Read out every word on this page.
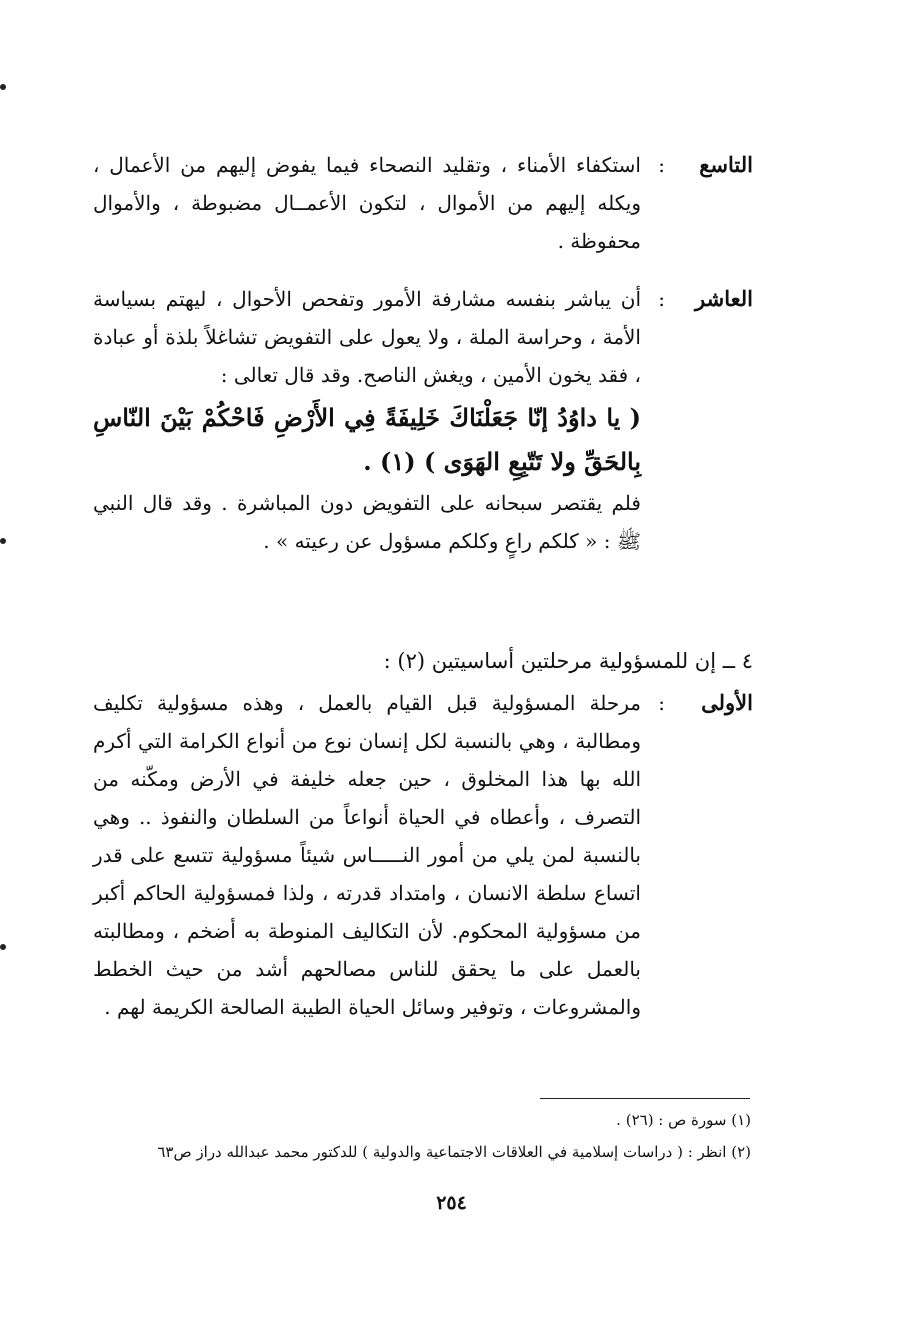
التاسع
:
استكفاء الأمناء ، وتقليد النصحاء فيما يفوض إليهم من الأعمال ، ويكله إليهم من الأموال ، لتكون الأعمــال مضبوطة ، والأموال محفوظة .
العاشر
:
أن يباشر بنفسه مشارفة الأمور وتفحص الأحوال ، ليهتم بسياسة الأمة ، وحراسة الملة ، ولا يعول على التفويض تشاغلاً بلذة أو عبادة ، فقد يخون الأمين ، ويغش الناصح. وقد قال تعالى :
( يا داوُدُ إنّا جَعَلْنَاكَ خَلِيفَةً فِي الأَرْضِ فَاحْكُمْ بَيْنَ النّاسِ بِالحَقِّ ولا تَتّبِعِ الهَوَى ) (١) .
فلم يقتصر سبحانه على التفويض دون المباشرة . وقد قال النبي ﷺ : « كلكم راعٍ وكلكم مسؤول عن رعيته » .
٤ ــ إن للمسؤولية مرحلتين أساسيتين (٢) :
الأولى
:
مرحلة المسؤولية قبل القيام بالعمل ، وهذه مسؤولية تكليف ومطالبة ، وهي بالنسبة لكل إنسان نوع من أنواع الكرامة التي أكرم الله بها هذا المخلوق ، حين جعله خليفة في الأرض ومكّنه من التصرف ، وأعطاه في الحياة أنواعاً من السلطان والنفوذ .. وهي بالنسبة لمن يلي من أمور النـــــاس شيئاً مسؤولية تتسع على قدر اتساع سلطة الانسان ، وامتداد قدرته ، ولذا فمسؤولية الحاكم أكبر من مسؤولية المحكوم. لأن التكاليف المنوطة به أضخم ، ومطالبته بالعمل على ما يحقق للناس مصالحهم أشد من حيث الخطط والمشروعات ، وتوفير وسائل الحياة الطيبة الصالحة الكريمة لهم .
(١) سورة ص : (٢٦) .
(٢) انظر : ( دراسات إسلامية في العلاقات الاجتماعية والدولية ) للدكتور محمد عبدالله دراز ص٦٣
٢٥٤
